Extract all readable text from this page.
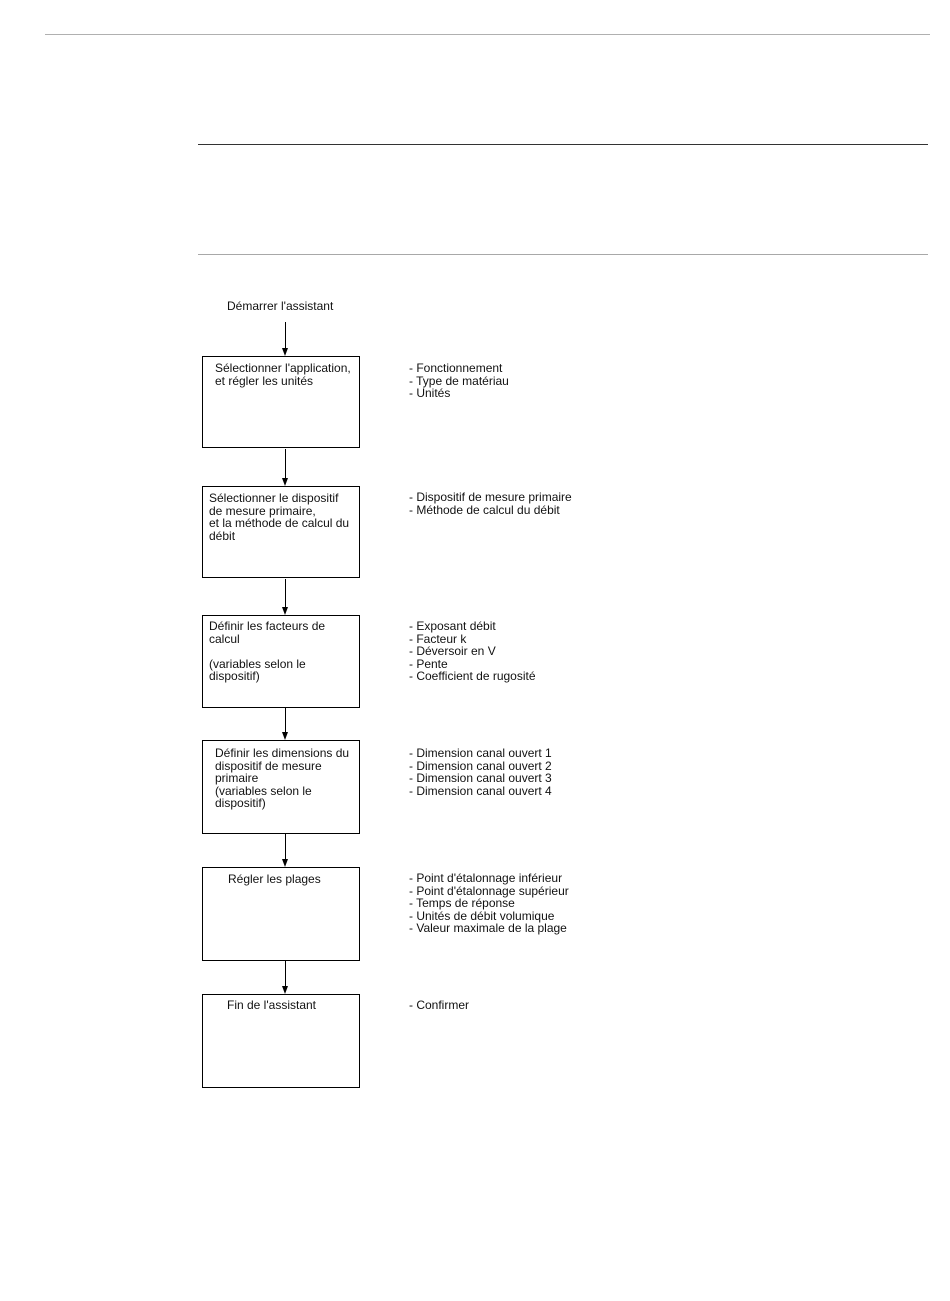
Démarrer l'assistant
Sélectionner l'application,
et régler les unités
- Fonctionnement
- Type de matériau
- Unités
Sélectionner le dispositif
de mesure primaire,
et la méthode de calcul du
débit
- Dispositif de mesure primaire
- Méthode de calcul du débit
Définir les facteurs de
calcul

(variables selon le
dispositif)
- Exposant débit
- Facteur k
- Déversoir en V
- Pente
- Coefficient de rugosité
Définir les dimensions du
dispositif de mesure
primaire
(variables selon le
dispositif)
- Dimension canal ouvert 1
- Dimension canal ouvert 2
- Dimension canal ouvert 3
- Dimension canal ouvert 4
Régler les plages	- Point d'étalonnage inférieur
- Point d'étalonnage supérieur
- Temps de réponse
- Unités de débit volumique
- Valeur maximale de la plage
Fin de l'assistant	- Confirmer
